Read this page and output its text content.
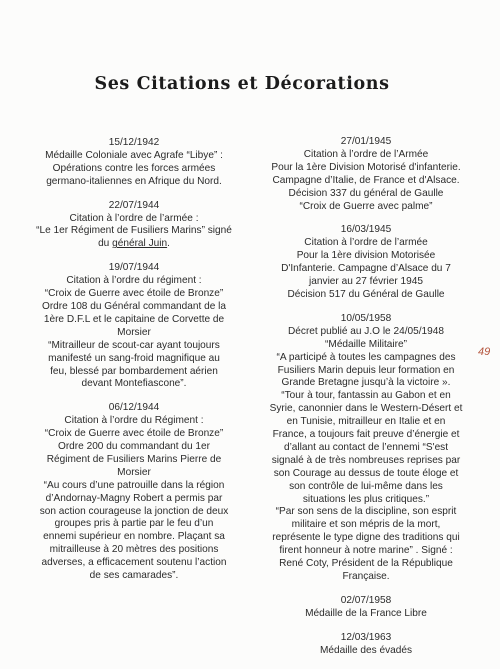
Ses Citations et Décorations
49
15/12/1942
Médaille Coloniale avec Agrafe “Libye” :
Opérations contre les forces armées
germano-italiennes en Afrique du Nord.
22/07/1944
Citation à l’ordre de l’armée :
“Le 1er Régiment de Fusiliers Marins” signé
du général Juin.
19/07/1944
Citation à l’ordre du régiment :
“Croix de Guerre avec étoile de Bronze”
Ordre 108 du Général commandant de la
1ère D.F.L et le capitaine de Corvette de
Morsier
“Mitrailleur de scout-car ayant toujours
manifesté un sang-froid magnifique au
feu, blessé par bombardement aérien
devant Montefiascone”.
06/12/1944
Citation à l’ordre du Régiment :
“Croix de Guerre avec étoile de Bronze”
Ordre 200 du commandant du 1er
Régiment de Fusiliers Marins Pierre de
Morsier
“Au cours d’une patrouille dans la région
d’Andornay-Magny Robert a permis par
son action courageuse la jonction de deux
groupes pris à partie par le feu d’un
ennemi supérieur en nombre. Plaçant sa
mitrailleuse à 20 mètres des positions
adverses, a efficacement soutenu l’action
de ses camarades”.
27/01/1945
Citation à l’ordre de l’Armée
Pour la 1ère Division Motorisé d'infanterie.
Campagne d’Italie, de France et d'Alsace.
Décision 337 du général de Gaulle
“Croix de Guerre avec palme”
16/03/1945
Citation à l’ordre de l’armée
Pour la 1ère division Motorisée
D'Infanterie. Campagne d’Alsace du 7
janvier au 27 février 1945
Décision 517 du Général de Gaulle
10/05/1958
Décret publié au J.O le 24/05/1948
“Médaille Militaire”
“A participé à toutes les campagnes des
Fusiliers Marin depuis leur formation en
Grande Bretagne jusqu’à la victoire ».
“Tour à tour, fantassin au Gabon et en
Syrie, canonnier dans le Western-Désert et
en Tunisie, mitrailleur en Italie et en
France, a toujours fait preuve d’énergie et
d’allant au contact de l’ennemi “S'est
signalé à de très nombreuses reprises par
son Courage au dessus de toute éloge et
son contrôle de lui-même dans les
situations les plus critiques.”
“Par son sens de la discipline, son esprit
militaire et son mépris de la mort,
représente le type digne des traditions qui
firent honneur à notre marine” . Signé :
René Coty, Président de la République
Française.
02/07/1958
Médaille de la France Libre
12/03/1963
Médaille des évadés
